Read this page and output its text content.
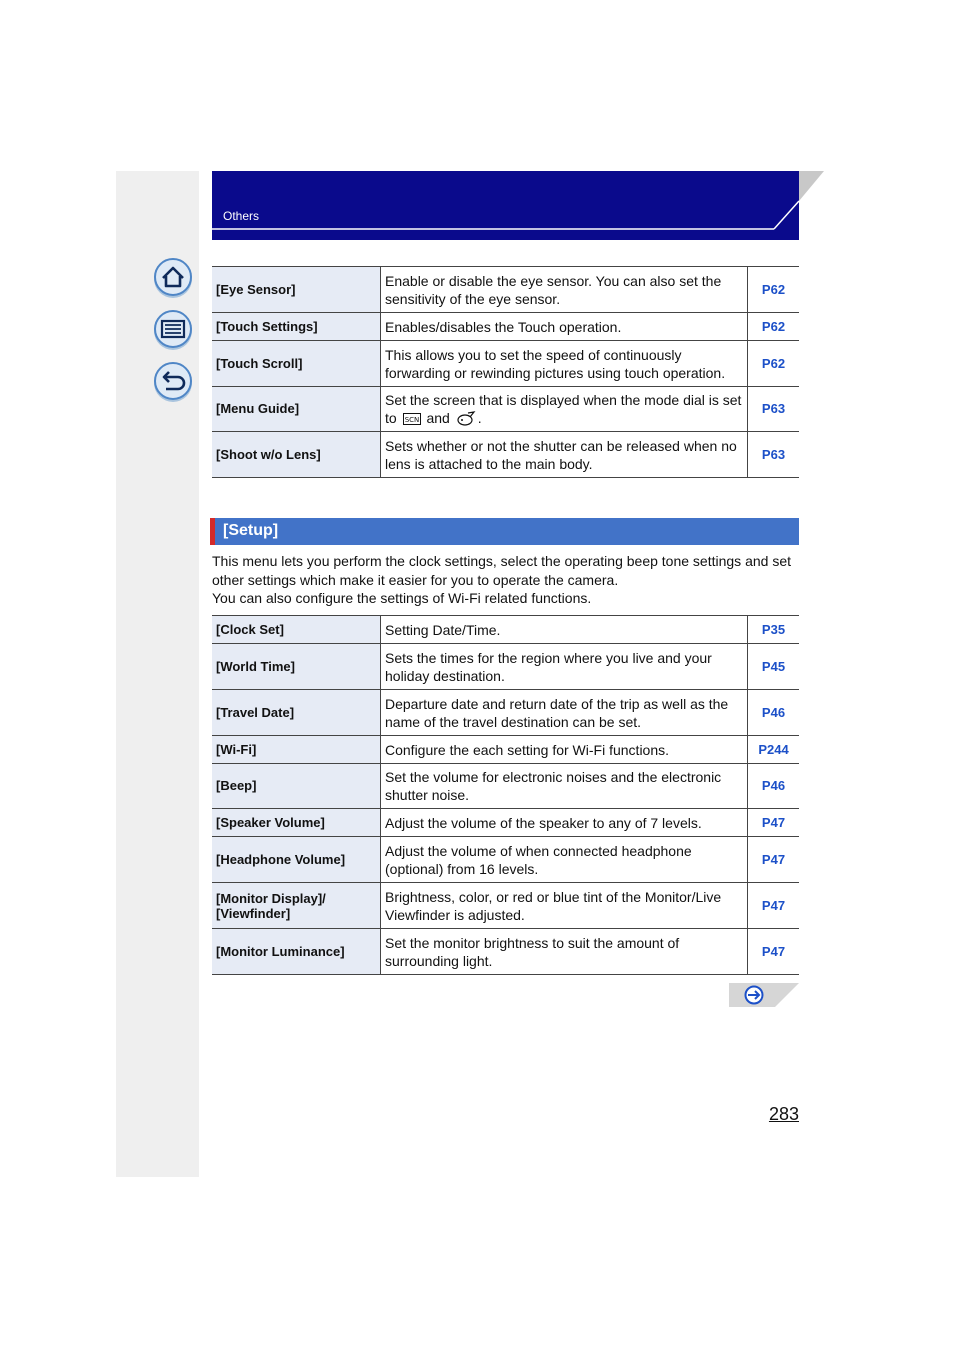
Others
[Eye Sensor]	Enable or disable the eye sensor. You can also set the sensitivity of the eye sensor.	P62
[Touch Settings]	Enables/disables the Touch operation.	P62
[Touch Scroll]	This allows you to set the speed of continuously forwarding or rewinding pictures using touch operation.	P62
[Menu Guide]	Set the screen that is displayed when the mode dial is set to SCN and .	P63
[Shoot w/o Lens]	Sets whether or not the shutter can be released when no lens is attached to the main body.	P63
[Setup]

This menu lets you perform the clock settings, select the operating beep tone settings and set other settings which make it easier for you to operate the camera.

You can also configure the settings of Wi-Fi related functions.

[Clock Set]	Setting Date/Time.	P35
[World Time]	Sets the times for the region where you live and your holiday destination.	P45
[Travel Date]	Departure date and return date of the trip as well as the name of the travel destination can be set.	P46
[Wi-Fi]	Configure the each setting for Wi-Fi functions.	P244
[Beep]	Set the volume for electronic noises and the electronic shutter noise.	P46
[Speaker Volume]	Adjust the volume of the speaker to any of 7 levels.	P47
[Headphone Volume]	Adjust the volume of when connected headphone (optional) from 16 levels.	P47
[Monitor Display]/ [Viewfinder]	Brightness, color, or red or blue tint of the Monitor/Live Viewfinder is adjusted.	P47
[Monitor Luminance]	Set the monitor brightness to suit the amount of surrounding light.	P47
283
